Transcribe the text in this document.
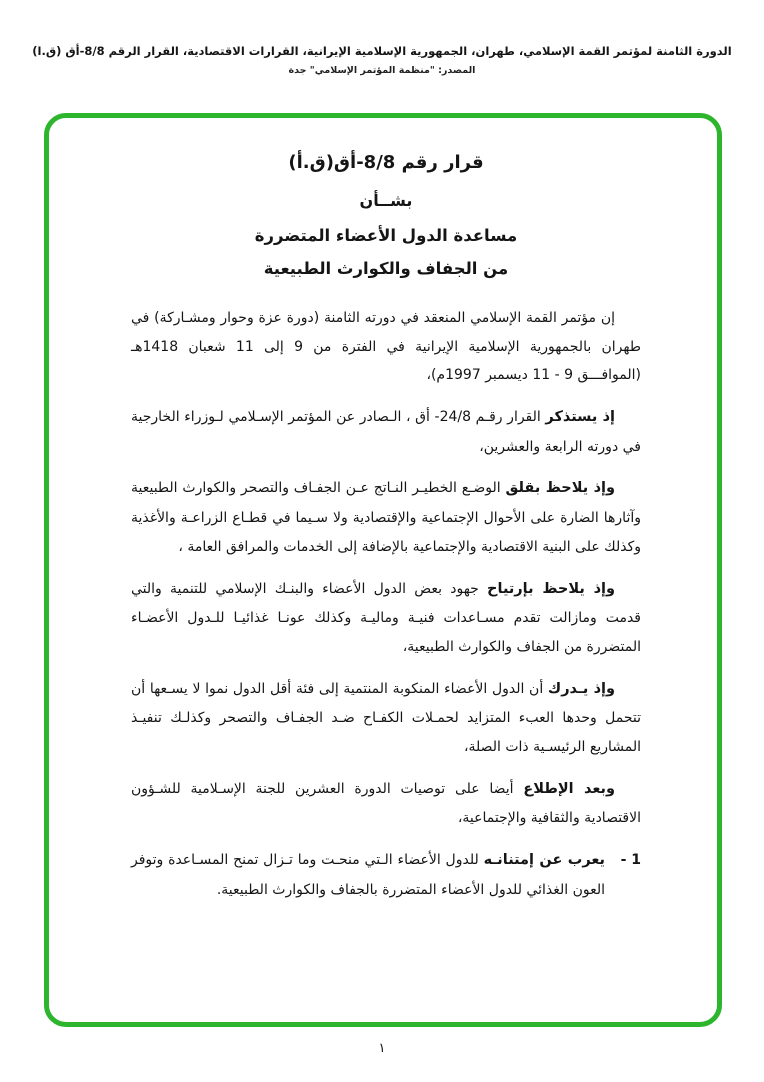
الدورة الثامنة لمؤتمر القمة الإسلامي، طهران، الجمهورية الإسلامية الإيرانية، القرارات الاقتصادية، القرار الرقم 8/8-أق (ق.ا)
المصدر: "منظمة المؤتمر الإسلامي" جدة
قرار رقم 8/8-أق(ق.أ)
بشــأن
مساعدة الدول الأعضاء المتضررة
من الجفاف والكوارث الطبيعية

إن مؤتمر القمة الإسلامي المنعقد في دورته الثامنة (دورة عزة وحوار ومشـاركة) في طهران بالجمهورية الإسلامية الإيرانية في الفترة من 9 إلى 11 شعبان 1418هـ (الموافـــق 9 - 11 ديسمبر 1997م)،

إذ يستذكر القرار رقـم 24/8- أق ، الـصادر عن المؤتمر الإسـلامي لـوزراء الخارجية في دورته الرابعة والعشرين،

وإذ يلاحظ بقلق الوضـع الخطيـر النـاتج عـن الجفـاف والتصحر والكوارث الطبيعية وآثارها الضارة على الأحوال الإجتماعية والإقتصادية ولا سـيما في قطـاع الزراعـة والأغذية وكذلك على البنية الاقتصادية والإجتماعية بالإضافة إلى الخدمات والمرافق العامة ،

وإذ يلاحظ بإرتياح جهود بعض الدول الأعضاء والبنـك الإسلامي للتنمية والتي قدمت ومازالت تقدم مسـاعدات فنيـة وماليـة وكذلك عونـا غذائيـا للـدول الأعضـاء المتضررة من الجفاف والكوارث الطبيعية،

وإذ يـدرك أن الدول الأعضاء المنكوبة المنتمية إلى فئة أقل الدول نموا لا يسـعها أن تتحمل وحدها العبء المتزايد لحمـلات الكفـاح ضـد الجفـاف والتصحر وكذلـك تنفيـذ المشاريع الرئيسـية ذات الصلة،

وبعد الإطلاع أيضا على توصيات الدورة العشرين للجنة الإسـلامية للشـؤون الاقتصادية والثقافية والإجتماعية،

1 -

يعرب عن إمتنانـه للدول الأعضاء الـتي منحـت وما تـزال تمنح المسـاعدة وتوفر العون الغذائي للدول الأعضاء المتضررة بالجفاف والكوارث الطبيعية.

١
